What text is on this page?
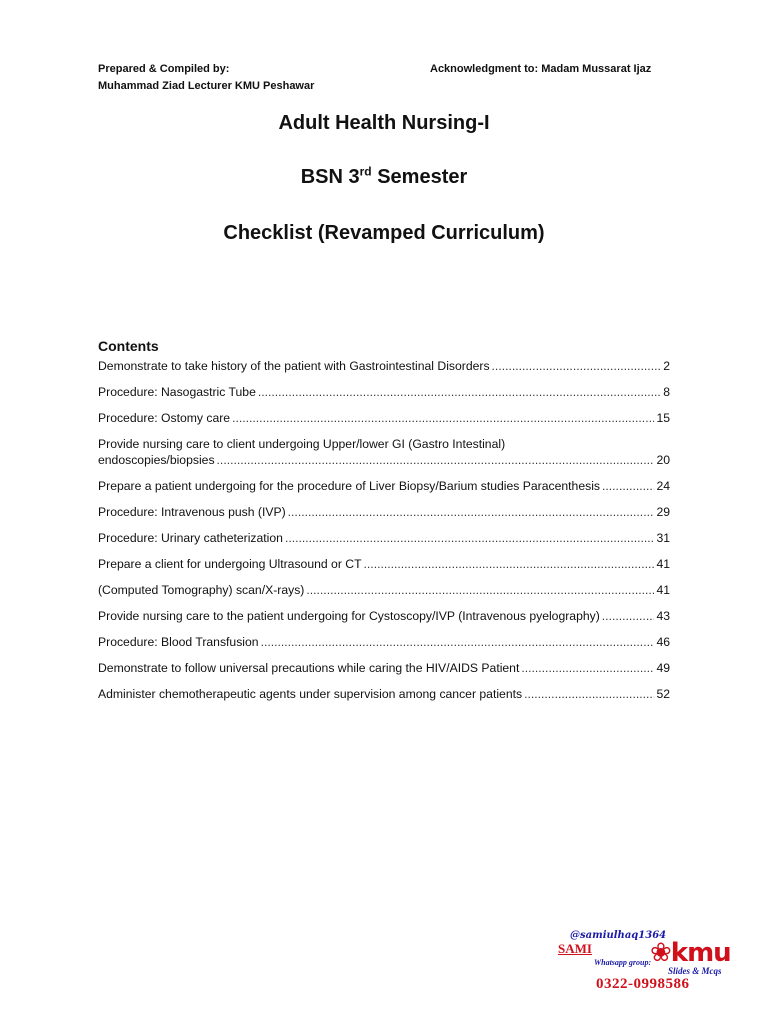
Prepared & Compiled by:
Muhammad Ziad Lecturer KMU Peshawar
Acknowledgment to: Madam Mussarat Ijaz
Adult Health Nursing-I
BSN 3rd Semester
Checklist (Revamped Curriculum)
Contents
Demonstrate to take history of the patient with Gastrointestinal Disorders .....	2
Procedure: Nasogastric Tube .....	8
Procedure: Ostomy care .....	15
Provide nursing care to client undergoing Upper/lower GI (Gastro Intestinal)
endoscopies/biopsies .....	20
Prepare a patient undergoing for the procedure of Liver Biopsy/Barium studies Paracenthesis .....	24
Procedure: Intravenous push (IVP) .....	29
Procedure: Urinary catheterization .....	31
Prepare a client for undergoing Ultrasound or CT .....	41
(Computed Tomography) scan/X-rays) .....	41
Provide nursing care to the patient undergoing for Cystoscopy/IVP (Intravenous pyelography) .....	43
Procedure: Blood Transfusion .....	46
Demonstrate to follow universal precautions while caring the HIV/AIDS Patient .....	49
Administer chemotherapeutic agents under supervision among cancer patients .....	52
@samiulhaq1364
SAMI
Whatsapp group:
❀kmu
Slides & Mcqs
0322-0998586
